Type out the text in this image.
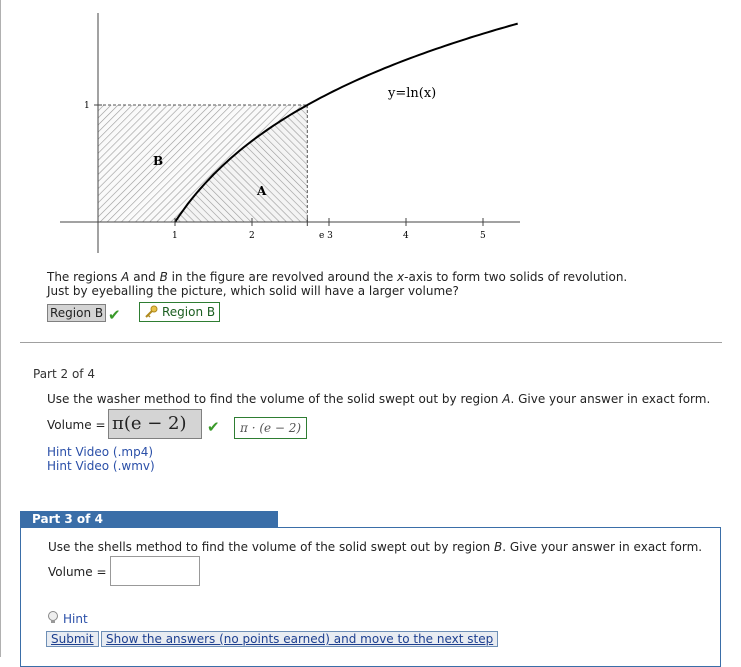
1	2	e 3	4	5
1
y=ln(x)
B
A
The regions A and B in the figure are revolved around the x-axis to form two solids of revolution.
Just by eyeballing the picture, which solid will have a larger volume?
Region B ✔	Region B
Part 2 of 4
Use the washer method to find the volume of the solid swept out by region A. Give your answer in exact form.
Volume = π(e − 2)	✔	π · (e − 2)
Hint Video (.mp4)
Hint Video (.wmv)
Part 3 of 4
Use the shells method to find the volume of the solid swept out by region B. Give your answer in exact form.
Volume =
Hint
Submit	Show the answers (no points earned) and move to the next step
